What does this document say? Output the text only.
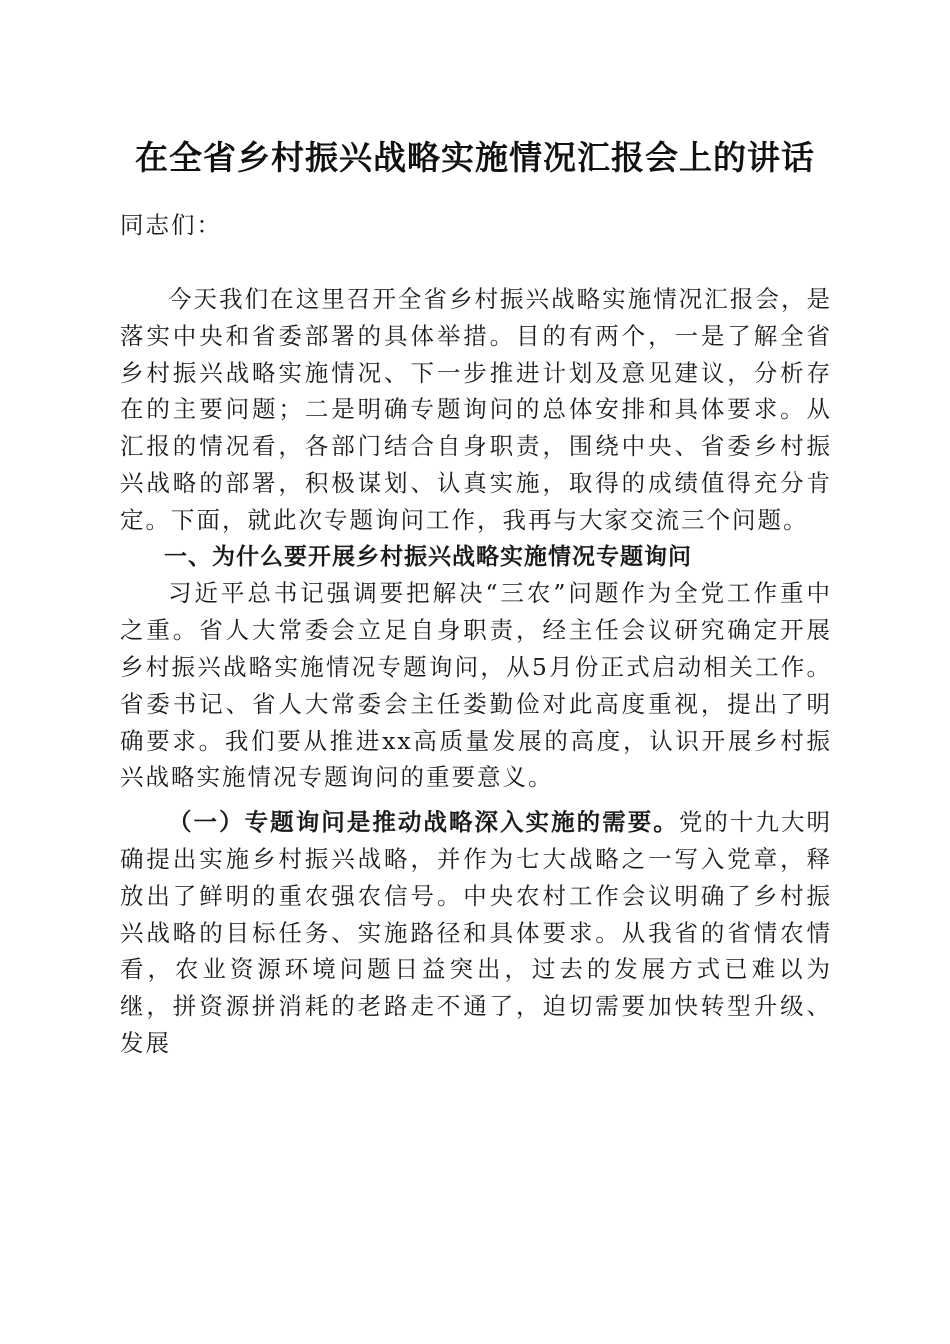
在全省乡村振兴战略实施情况汇报会上的讲话

同志们：

今天我们在这里召开全省乡村振兴战略实施情况汇报会，是落实中央和省委部署的具体举措。目的有两个，一是了解全省乡村振兴战略实施情况、下一步推进计划及意见建议，分析存在的主要问题；二是明确专题询问的总体安排和具体要求。从汇报的情况看，各部门结合自身职责，围绕中央、省委乡村振兴战略的部署，积极谋划、认真实施，取得的成绩值得充分肯定。下面，就此次专题询问工作，我再与大家交流三个问题。

一、为什么要开展乡村振兴战略实施情况专题询问

习近平总书记强调要把解决“三农”问题作为全党工作重中之重。省人大常委会立足自身职责，经主任会议研究确定开展乡村振兴战略实施情况专题询问，从5月份正式启动相关工作。省委书记、省人大常委会主任娄勤俭对此高度重视，提出了明确要求。我们要从推进xx高质量发展的高度，认识开展乡村振兴战略实施情况专题询问的重要意义。

（一）专题询问是推动战略深入实施的需要。党的十九大明确提出实施乡村振兴战略，并作为七大战略之一写入党章，释放出了鲜明的重农强农信号。中央农村工作会议明确了乡村振兴战略的目标任务、实施路径和具体要求。从我省的省情农情看，农业资源环境问题日益突出，过去的发展方式已难以为继，拼资源拼消耗的老路走不通了，迫切需要加快转型升级、发展
